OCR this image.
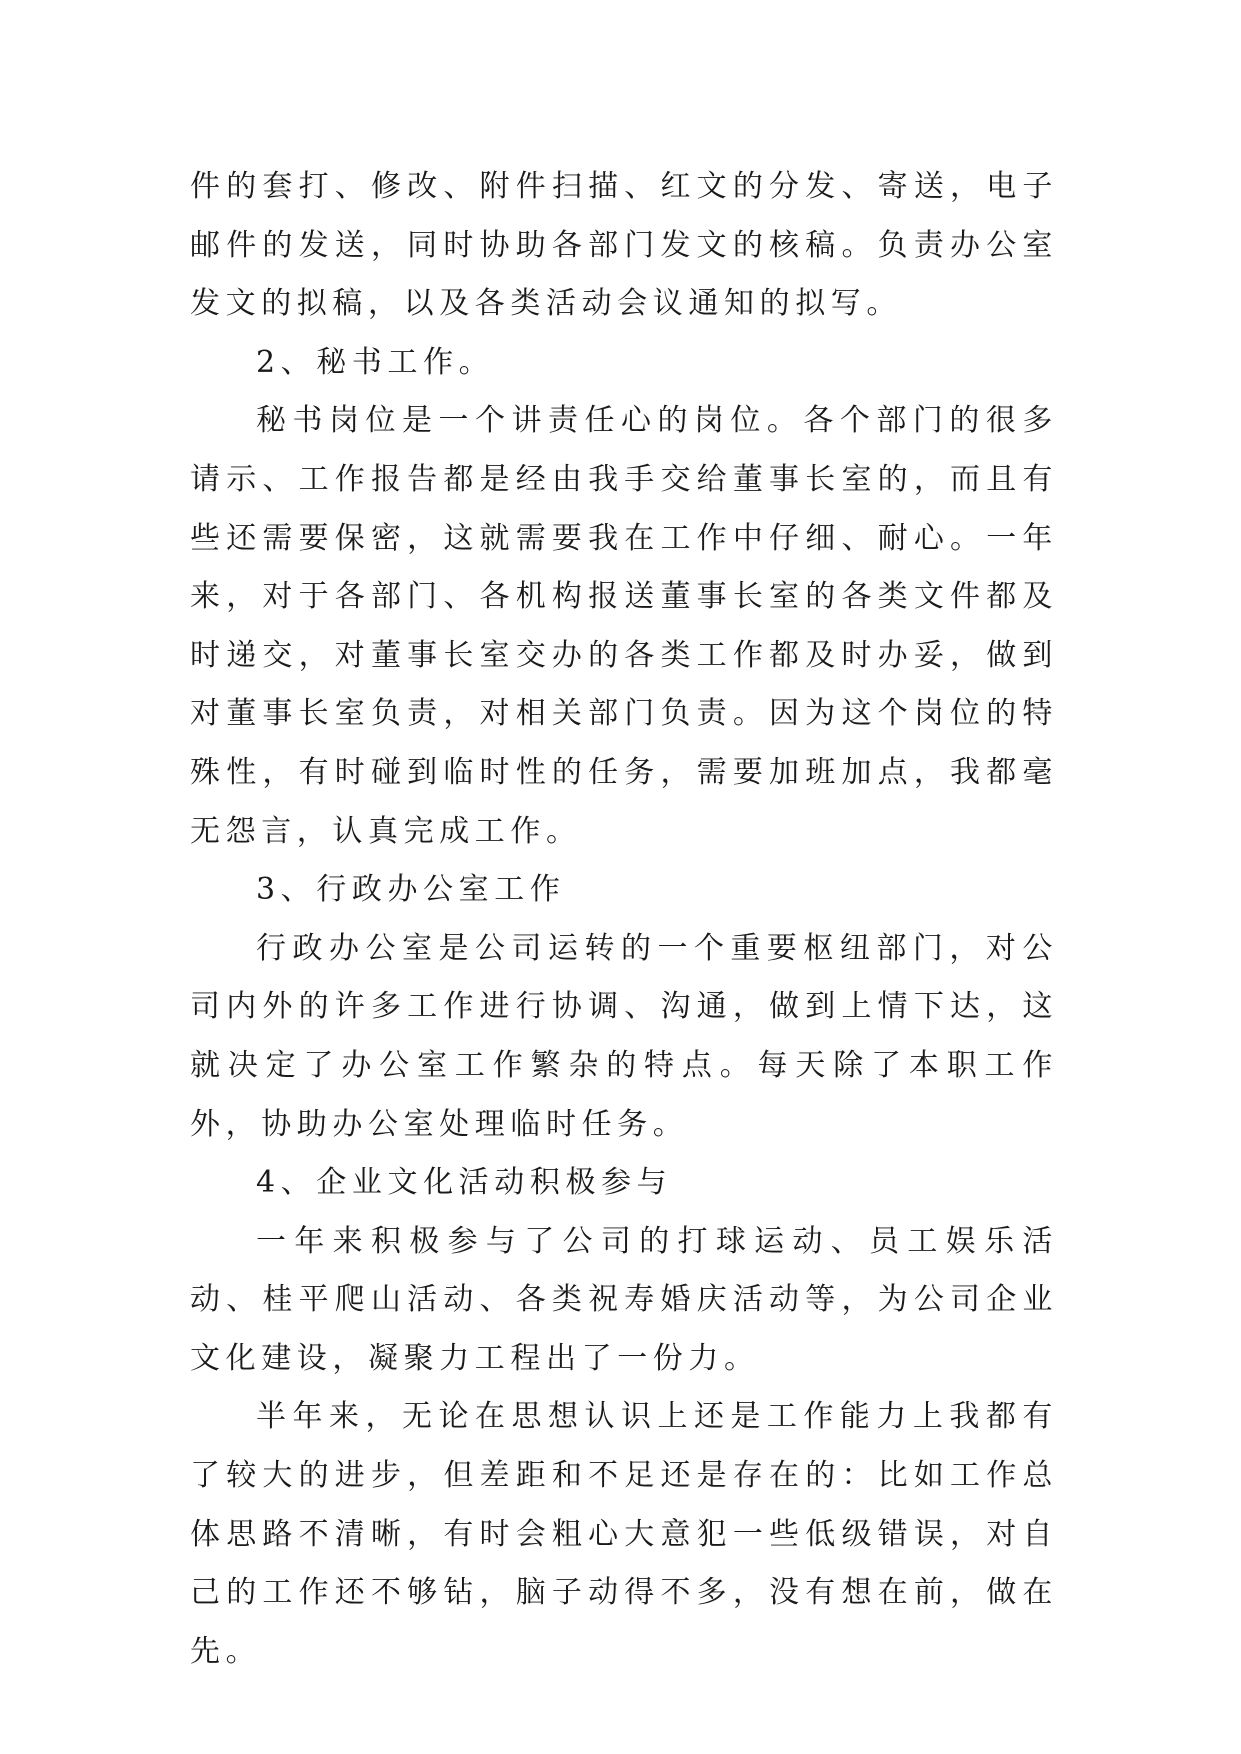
件的套打、修改、附件扫描、红文的分发、寄送，电子邮件的发送，同时协助各部门发文的核稿。负责办公室发文的拟稿，以及各类活动会议通知的拟写。

2、秘书工作。

秘书岗位是一个讲责任心的岗位。各个部门的很多请示、工作报告都是经由我手交给董事长室的，而且有些还需要保密，这就需要我在工作中仔细、耐心。一年来，对于各部门、各机构报送董事长室的各类文件都及时递交，对董事长室交办的各类工作都及时办妥，做到对董事长室负责，对相关部门负责。因为这个岗位的特殊性，有时碰到临时性的任务，需要加班加点，我都毫无怨言，认真完成工作。

3、行政办公室工作

行政办公室是公司运转的一个重要枢纽部门，对公司内外的许多工作进行协调、沟通，做到上情下达，这就决定了办公室工作繁杂的特点。每天除了本职工作外，协助办公室处理临时任务。

4、企业文化活动积极参与

一年来积极参与了公司的打球运动、员工娱乐活动、桂平爬山活动、各类祝寿婚庆活动等，为公司企业文化建设，凝聚力工程出了一份力。

半年来，无论在思想认识上还是工作能力上我都有了较大的进步，但差距和不足还是存在的：比如工作总体思路不清晰，有时会粗心大意犯一些低级错误，对自己的工作还不够钻，脑子动得不多，没有想在前，做在先。
